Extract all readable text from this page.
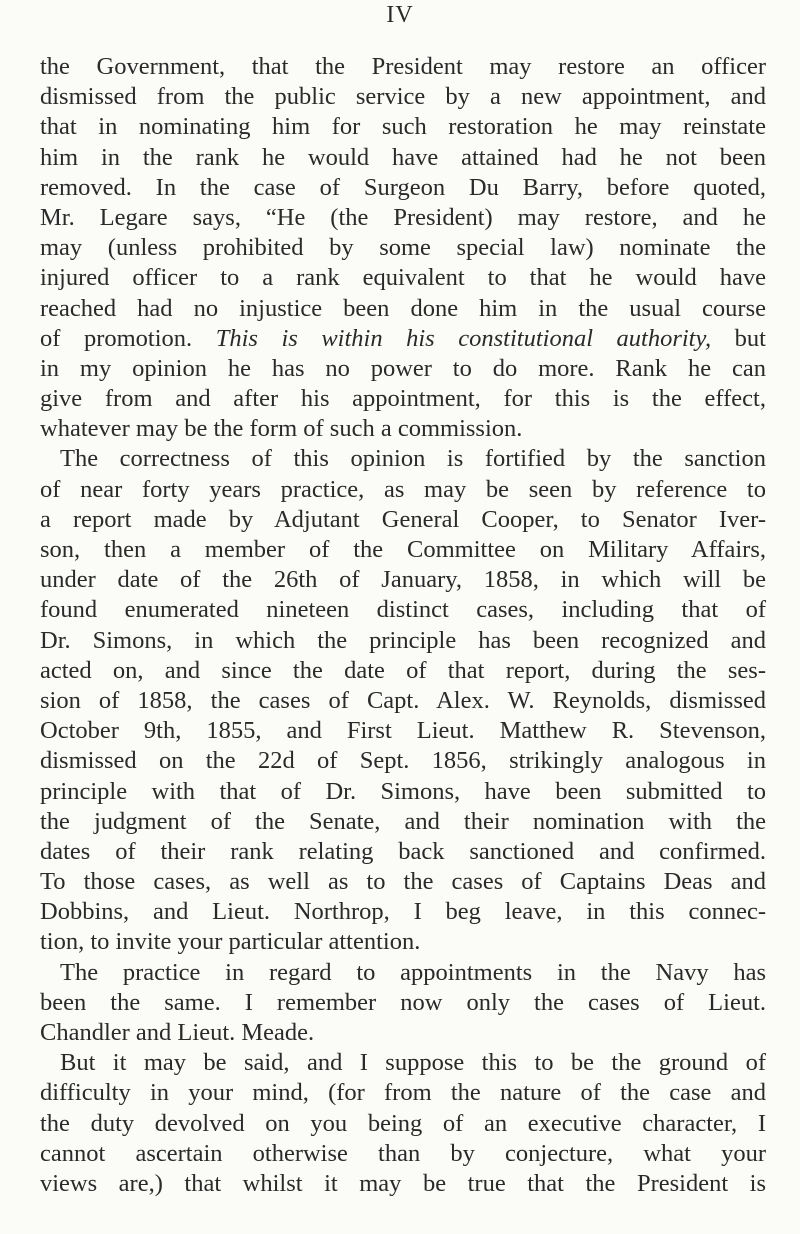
IV
the Government, that the President may restore an officer
dismissed from the public service by a new appointment, and
that in nominating him for such restoration he may reinstate
him in the rank he would have attained had he not been
removed. In the case of Surgeon Du Barry, before quoted,
Mr. Legare says, “He (the President) may restore, and he
may (unless prohibited by some special law) nominate the
injured officer to a rank equivalent to that he would have
reached had no injustice been done him in the usual course
of promotion. This is within his constitutional authority, but
in my opinion he has no power to do more. Rank he can
give from and after his appointment, for this is the effect,
whatever may be the form of such a commission.
The correctness of this opinion is fortified by the sanction
of near forty years practice, as may be seen by reference to
a report made by Adjutant General Cooper, to Senator Iver-
son, then a member of the Committee on Military Affairs,
under date of the 26th of January, 1858, in which will be
found enumerated nineteen distinct cases, including that of
Dr. Simons, in which the principle has been recognized and
acted on, and since the date of that report, during the ses-
sion of 1858, the cases of Capt. Alex. W. Reynolds, dismissed
October 9th, 1855, and First Lieut. Matthew R. Stevenson,
dismissed on the 22d of Sept. 1856, strikingly analogous in
principle with that of Dr. Simons, have been submitted to
the judgment of the Senate, and their nomination with the
dates of their rank relating back sanctioned and confirmed.
To those cases, as well as to the cases of Captains Deas and
Dobbins, and Lieut. Northrop, I beg leave, in this connec-
tion, to invite your particular attention.
The practice in regard to appointments in the Navy has
been the same. I remember now only the cases of Lieut.
Chandler and Lieut. Meade.
But it may be said, and I suppose this to be the ground of
difficulty in your mind, (for from the nature of the case and
the duty devolved on you being of an executive character, I
cannot ascertain otherwise than by conjecture, what your
views are,) that whilst it may be true that the President is
